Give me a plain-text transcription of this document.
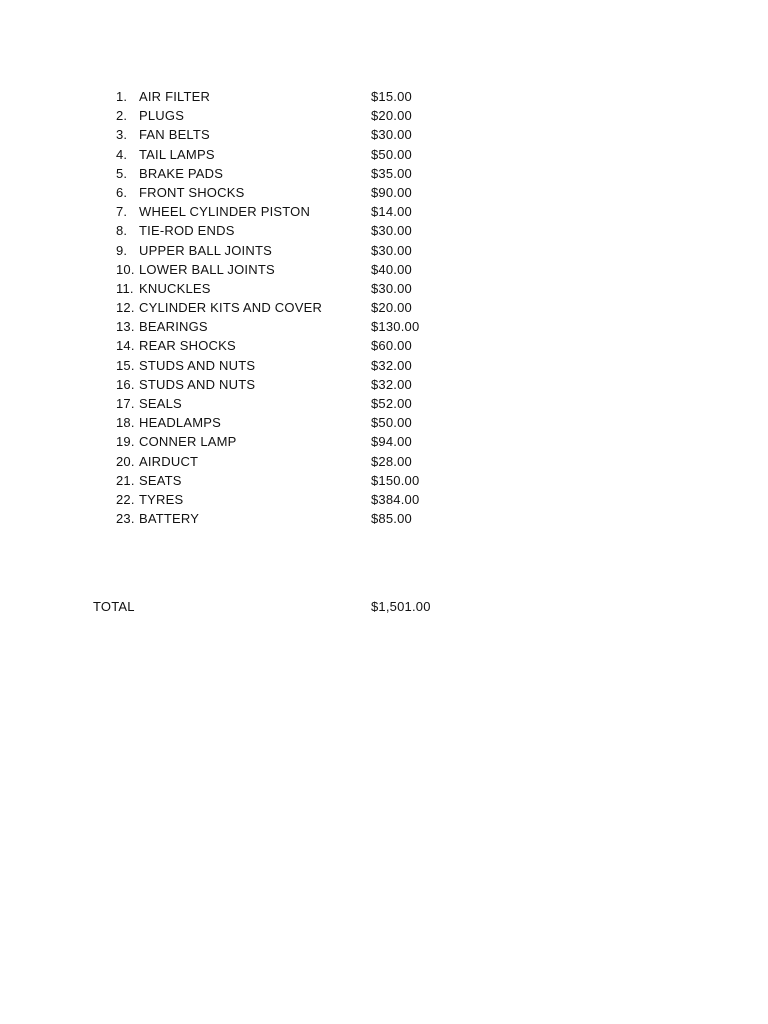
1. AIR FILTER	$15.00
2. PLUGS	$20.00
3. FAN BELTS	$30.00
4. TAIL LAMPS	$50.00
5. BRAKE PADS	$35.00
6. FRONT SHOCKS	$90.00
7. WHEEL CYLINDER PISTON	$14.00
8. TIE-ROD ENDS	$30.00
9. UPPER BALL JOINTS	$30.00
10. LOWER BALL JOINTS	$40.00
11. KNUCKLES	$30.00
12. CYLINDER KITS AND COVER	$20.00
13. BEARINGS	$130.00
14. REAR SHOCKS	$60.00
15. STUDS AND NUTS	$32.00
16. STUDS AND NUTS	$32.00
17. SEALS	$52.00
18. HEADLAMPS	$50.00
19. CONNER LAMP	$94.00
20. AIRDUCT	$28.00
21. SEATS	$150.00
22. TYRES	$384.00
23. BATTERY	$85.00
TOTAL	$1,501.00
